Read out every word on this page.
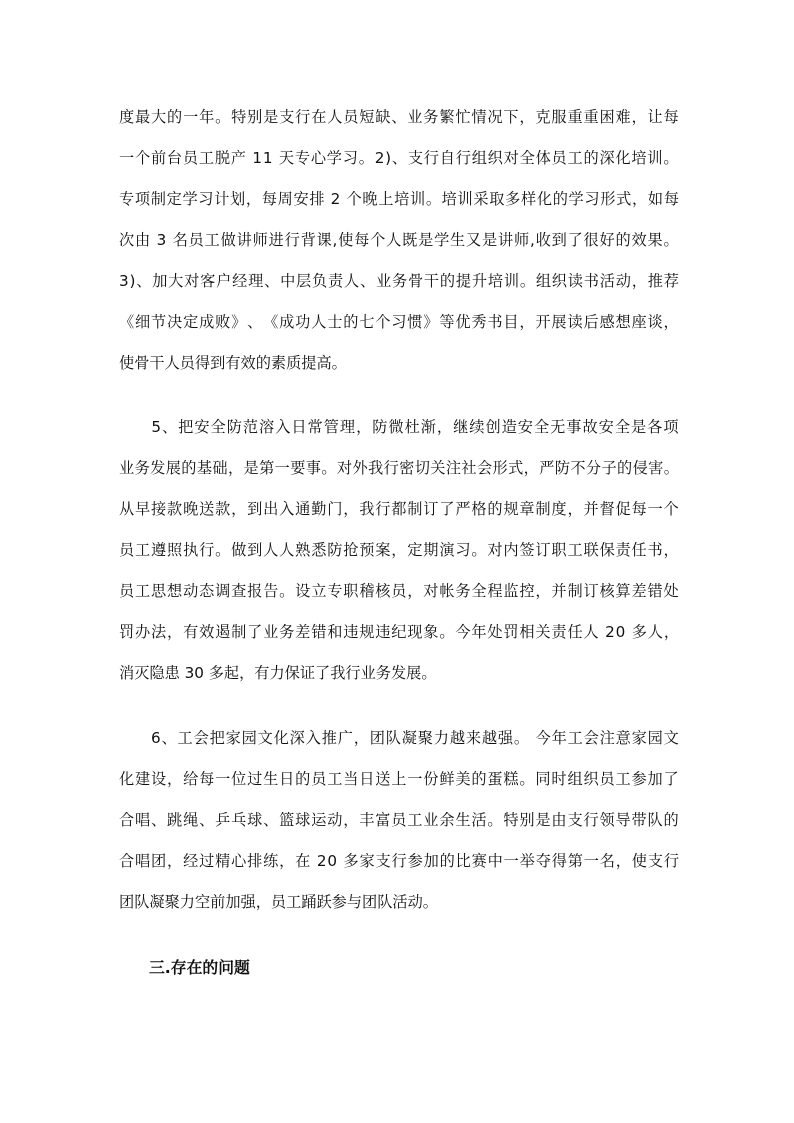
度 最 大 的 一 年 。 特 别 是 支 行 在 人 员 短 缺 、 业 务 繁 忙 情 况 下 ， 克 服 重 重 困 难 ， 让 每
一 个 前 台 员 工 脱 产
1 1
天 专 心 学 习 。 2 ) 、 支 行 自 行 组 织 对 全 体 员 工 的 深 化 培 训 。
专 项 制 定 学 习 计 划 ， 每 周 安 排
2
个 晚 上 培 训 。 培 训 采 取 多 样 化 的 学 习 形 式 ， 如 每
次 由
3
名 员 工 做 讲 师 进 行 背 课 , 使 每 个 人 既 是 学 生 又 是 讲 师 , 收 到 了 很 好 的 效 果 。
3 ) 、 加 大 对 客 户 经 理 、 中 层 负 责 人 、 业 务 骨 干 的 提 升 培 训 。 组 织 读 书 活 动 ， 推 荐
《 细 节 决 定 成 败 》 、 《 成 功 人 士 的 七 个 习 惯 》 等 优 秀 书 目 ， 开 展 读 后 感 想 座 谈 ，
使骨干人员得到有效的素质提高。

5 、 把 安 全 防 范 溶 入 日 常 管 理 ， 防 微 杜 渐 ， 继 续 创 造 安 全 无 事 故 安 全 是 各 项
业 务 发 展 的 基 础 ， 是 第 一 要 事 。 对 外 我 行 密 切 关 注 社 会 形 式 ， 严 防 不 分 子 的 侵 害 。
从 早 接 款 晚 送 款 ， 到 出 入 通 勤 门 ， 我 行 都 制 订 了 严 格 的 规 章 制 度 ， 并 督 促 每 一 个
员 工 遵 照 执 行 。 做 到 人 人 熟 悉 防 抢 预 案 ， 定 期 演 习 。 对 内 签 订 职 工 联 保 责 任 书 ，
员 工 思 想 动 态 调 查 报 告 。 设 立 专 职 稽 核 员 ， 对 帐 务 全 程 监 控 ， 并 制 订 核 算 差 错 处
罚 办 法 ， 有 效 遏 制 了 业 务 差 错 和 违 规 违 纪 现 象 。 今 年 处 罚 相 关 责 任 人
2 0
多 人 ，
消灭隐患 30 多起，有力保证了我行业务发展。

6 、 工 会 把 家 园 文 化 深 入 推 广 ， 团 队 凝 聚 力 越 来 越 强 。
今 年 工 会 注 意 家 园 文
化 建 设 ， 给 每 一 位 过 生 日 的 员 工 当 日 送 上 一 份 鲜 美 的 蛋 糕 。 同 时 组 织 员 工 参 加 了
合 唱 、 跳 绳 、 乒 乓 球 、 篮 球 运 动 ， 丰 富 员 工 业 余 生 活 。 特 别 是 由 支 行 领 导 带 队 的
合 唱 团 ， 经 过 精 心 排 练 ， 在
2 0
多 家 支 行 参 加 的 比 赛 中 一 举 夺 得 第 一 名 ， 使 支 行
团队凝聚力空前加强，员工踊跃参与团队活动。
三.存在的问题
